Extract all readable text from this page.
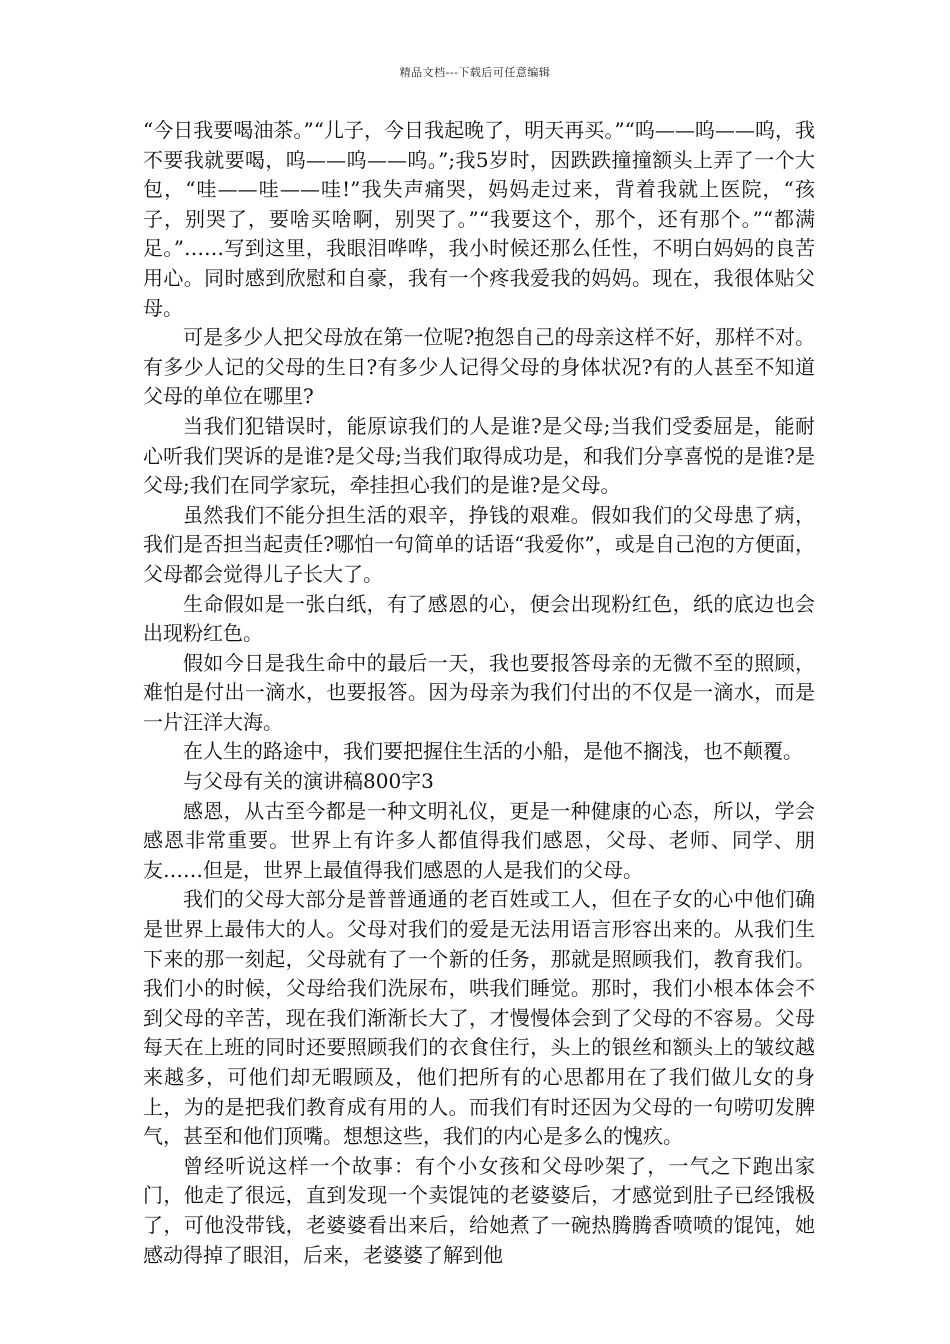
精品文档---下载后可任意编辑

“今日我要喝油茶。”“儿子，今日我起晚了，明天再买。”“呜——呜——呜，我不要我就要喝，呜——呜——呜。”;我5岁时，因跌跌撞撞额头上弄了一个大包，“哇——哇——哇!”我失声痛哭，妈妈走过来，背着我就上医院，“孩子，别哭了，要啥买啥啊，别哭了。”“我要这个，那个，还有那个。”“都满足。”……写到这里，我眼泪哗哗，我小时候还那么任性，不明白妈妈的良苦用心。同时感到欣慰和自豪，我有一个疼我爱我的妈妈。现在，我很体贴父母。

可是多少人把父母放在第一位呢?抱怨自己的母亲这样不好，那样不对。有多少人记的父母的生日?有多少人记得父母的身体状况?有的人甚至不知道父母的单位在哪里?

当我们犯错误时，能原谅我们的人是谁?是父母;当我们受委屈是，能耐心听我们哭诉的是谁?是父母;当我们取得成功是，和我们分享喜悦的是谁?是父母;我们在同学家玩，牵挂担心我们的是谁?是父母。

虽然我们不能分担生活的艰辛，挣钱的艰难。假如我们的父母患了病，我们是否担当起责任?哪怕一句简单的话语“我爱你”，或是自己泡的方便面，父母都会觉得儿子长大了。

生命假如是一张白纸，有了感恩的心，便会出现粉红色，纸的底边也会出现粉红色。

假如今日是我生命中的最后一天，我也要报答母亲的无微不至的照顾，难怕是付出一滴水，也要报答。因为母亲为我们付出的不仅是一滴水，而是一片汪洋大海。

在人生的路途中，我们要把握住生活的小船，是他不搁浅，也不颠覆。

与父母有关的演讲稿800字3

感恩，从古至今都是一种文明礼仪，更是一种健康的心态，所以，学会感恩非常重要。世界上有许多人都值得我们感恩，父母、老师、同学、朋友……但是，世界上最值得我们感恩的人是我们的父母。

我们的父母大部分是普普通通的老百姓或工人，但在子女的心中他们确是世界上最伟大的人。父母对我们的爱是无法用语言形容出来的。从我们生下来的那一刻起，父母就有了一个新的任务，那就是照顾我们，教育我们。我们小的时候，父母给我们洗尿布，哄我们睡觉。那时，我们小根本体会不到父母的辛苦，现在我们渐渐长大了，才慢慢体会到了父母的不容易。父母每天在上班的同时还要照顾我们的衣食住行，头上的银丝和额头上的皱纹越来越多，可他们却无暇顾及，他们把所有的心思都用在了我们做儿女的身上，为的是把我们教育成有用的人。而我们有时还因为父母的一句唠叨发脾气，甚至和他们顶嘴。想想这些，我们的内心是多么的愧疚。

曾经听说这样一个故事：有个小女孩和父母吵架了，一气之下跑出家门，他走了很远，直到发现一个卖馄饨的老婆婆后，才感觉到肚子已经饿极了，可他没带钱，老婆婆看出来后，给她煮了一碗热腾腾香喷喷的馄饨，她感动得掉了眼泪，后来，老婆婆了解到他
